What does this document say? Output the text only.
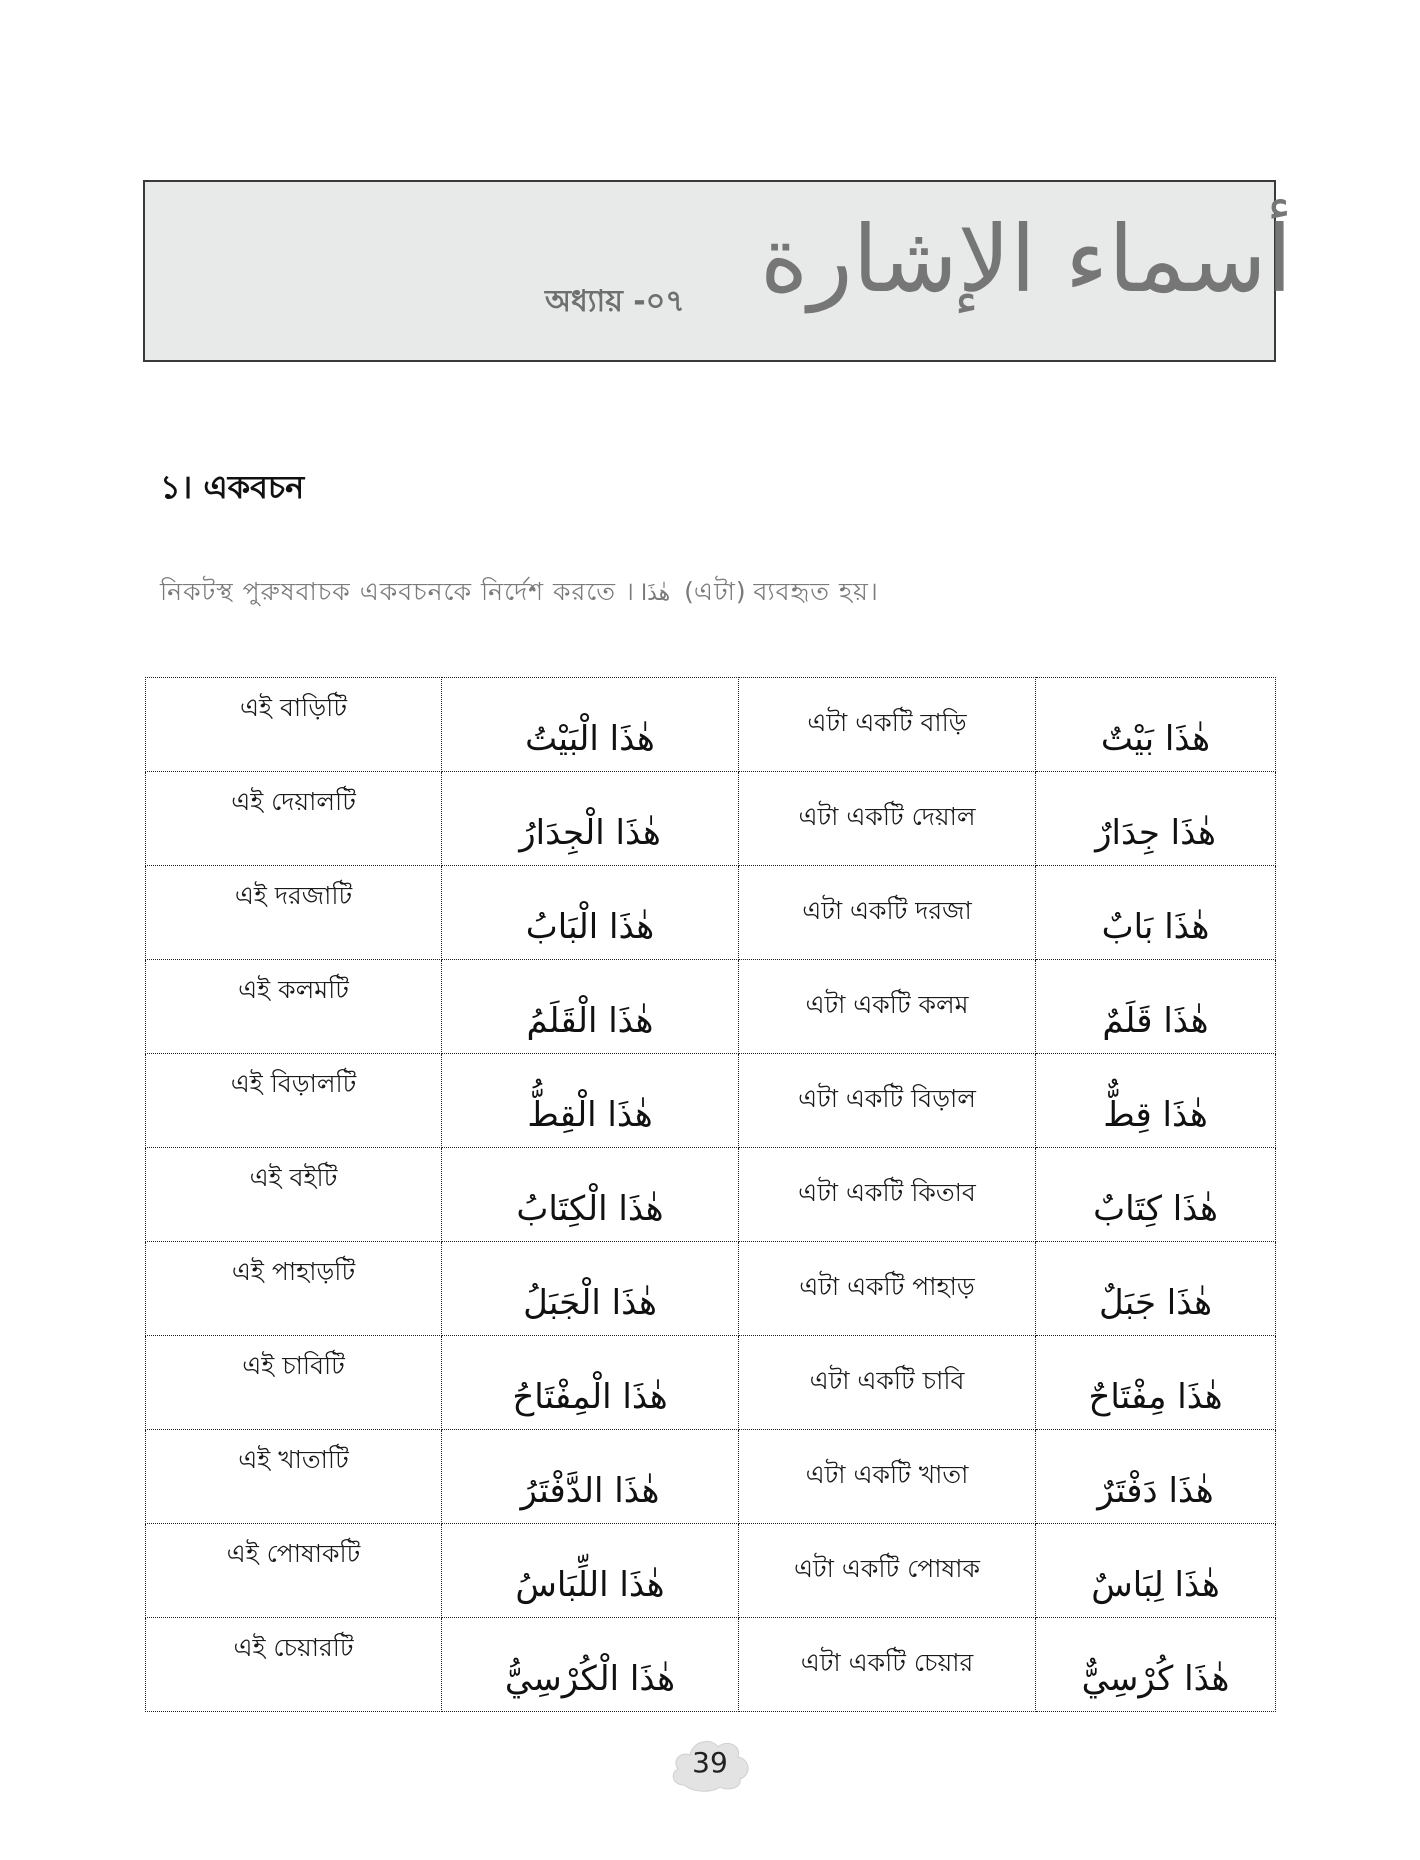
অধ্যায় -০৭ أسماء الإشارة
১। একবচন
নিকটস্থ পুরুষবাচক একবচনকে নির্দেশ করতে । هٰذَا (এটা) ব্যবহৃত হয়।
এই বাড়িটি	هٰذَا الْبَيْتُ	এটা একটি বাড়ি	هٰذَا بَيْتٌ
এই দেয়ালটি	هٰذَا الْجِدَارُ	এটা একটি দেয়াল	هٰذَا جِدَارٌ
এই দরজাটি	هٰذَا الْبَابُ	এটা একটি দরজা	هٰذَا بَابٌ
এই কলমটি	هٰذَا الْقَلَمُ	এটা একটি কলম	هٰذَا قَلَمٌ
এই বিড়ালটি	هٰذَا الْقِطُّ	এটা একটি বিড়াল	هٰذَا قِطٌّ
এই বইটি	هٰذَا الْكِتَابُ	এটা একটি কিতাব	هٰذَا كِتَابٌ
এই পাহাড়টি	هٰذَا الْجَبَلُ	এটা একটি পাহাড়	هٰذَا جَبَلٌ
এই চাবিটি	هٰذَا الْمِفْتَاحُ	এটা একটি চাবি	هٰذَا مِفْتَاحٌ
এই খাতাটি	هٰذَا الدَّفْتَرُ	এটা একটি খাতা	هٰذَا دَفْتَرٌ
এই পোষাকটি	هٰذَا اللِّبَاسُ	এটা একটি পোষাক	هٰذَا لِبَاسٌ
এই চেয়ারটি	هٰذَا الْكُرْسِيُّ	এটা একটি চেয়ার	هٰذَا كُرْسِيٌّ
39
